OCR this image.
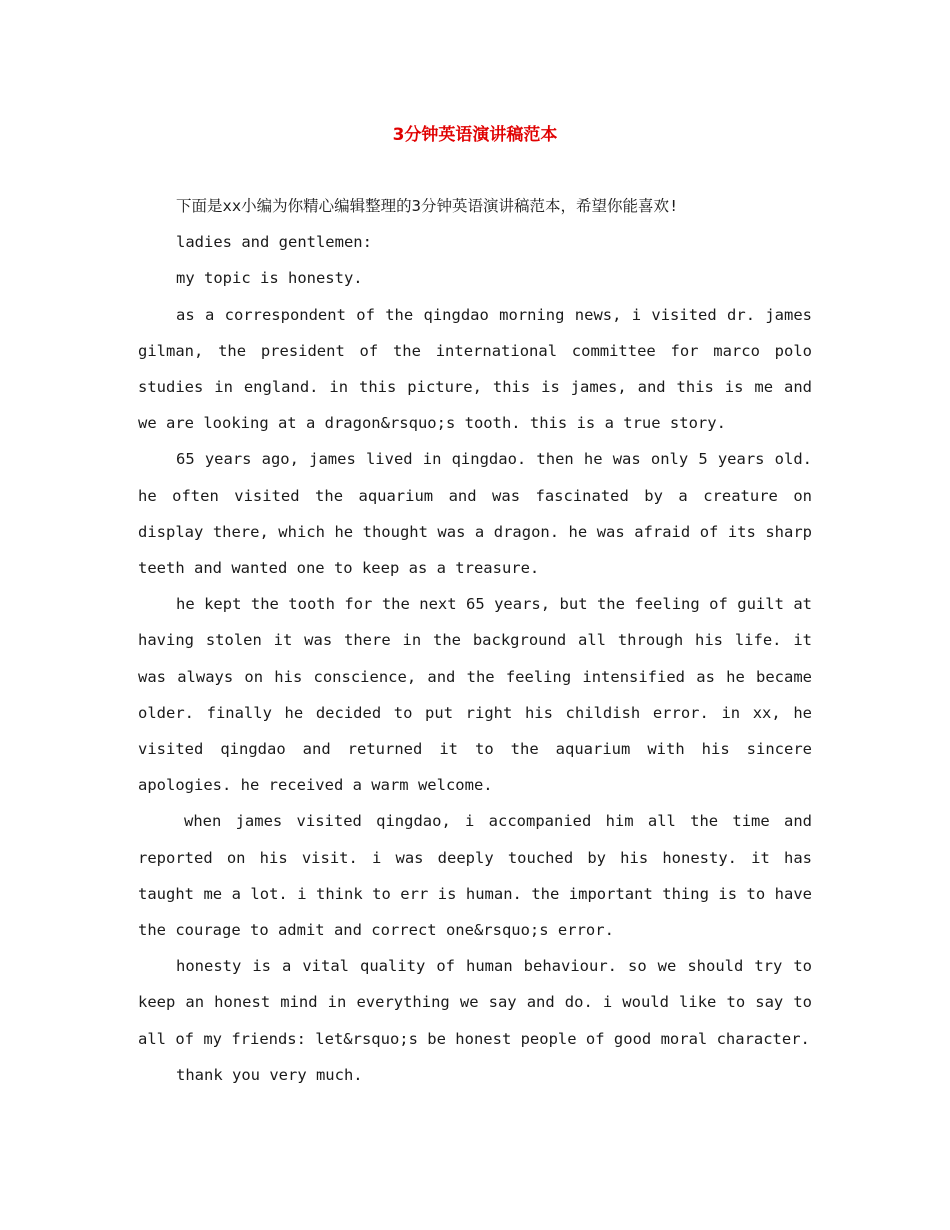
3分钟英语演讲稿范本

下面是xx小编为你精心编辑整理的3分钟英语演讲稿范本，希望你能喜欢!

ladies and gentlemen:

my topic is honesty.

as a correspondent of the qingdao morning news, i visited dr. james gilman, the president of the international committee for marco polo studies in england. in this picture, this is james, and this is me and we are looking at a dragon&rsquo;s tooth. this is a true story.

65 years ago, james lived in qingdao. then he was only 5 years old. he often visited the aquarium and was fascinated by a creature on display there, which he thought was a dragon. he was afraid of its sharp teeth and wanted one to keep as a treasure.

he kept the tooth for the next 65 years, but the feeling of guilt at having stolen it was there in the background all through his life. it was always on his conscience, and the feeling intensified as he became older. finally he decided to put right his childish error. in xx, he visited qingdao and returned it to the aquarium with his sincere apologies. he received a warm welcome.

when james visited qingdao, i accompanied him all the time and reported on his visit. i was deeply touched by his honesty. it has taught me a lot. i think to err is human. the important thing is to have the courage to admit and correct one&rsquo;s error.

honesty is a vital quality of human behaviour. so we should try to keep an honest mind in everything we say and do. i would like to say to all of my friends: let&rsquo;s be honest people of good moral character.

thank you very much.
